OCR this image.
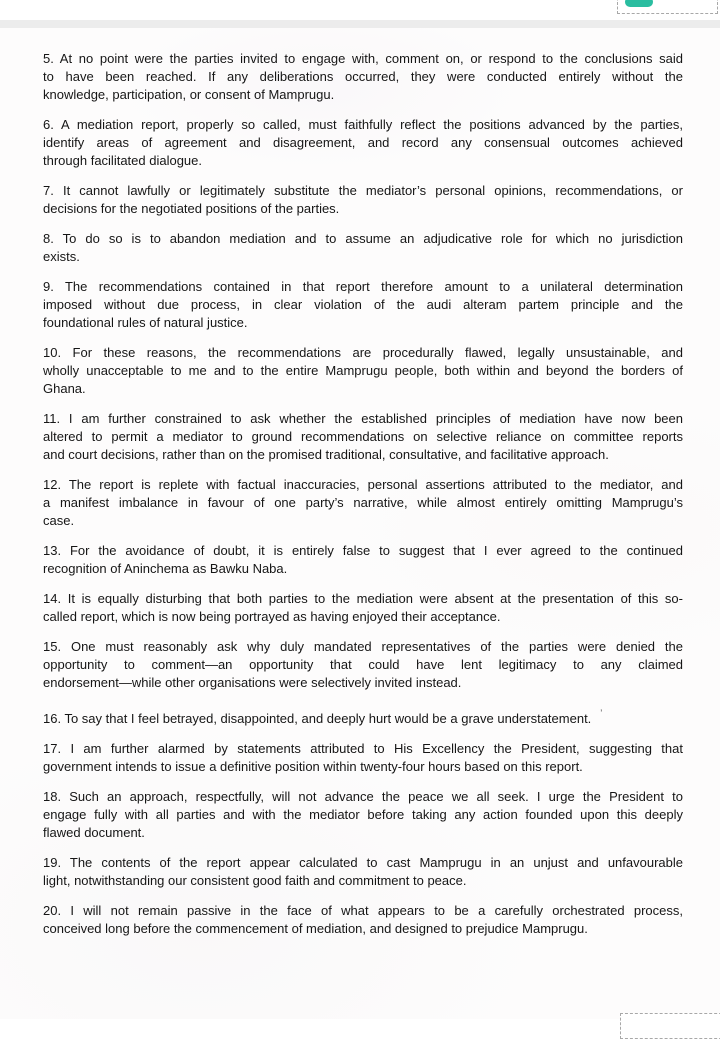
5. At no point were the parties invited to engage with, comment on, or respond to the conclusions said
to have been reached. If any deliberations occurred, they were conducted entirely without the
knowledge, participation, or consent of Mamprugu.
6. A mediation report, properly so called, must faithfully reflect the positions advanced by the parties,
identify areas of agreement and disagreement, and record any consensual outcomes achieved
through facilitated dialogue.
7. It cannot lawfully or legitimately substitute the mediator’s personal opinions, recommendations, or
decisions for the negotiated positions of the parties.
8. To do so is to abandon mediation and to assume an adjudicative role for which no jurisdiction
exists.
9. The recommendations contained in that report therefore amount to a unilateral determination
imposed without due process, in clear violation of the audi alteram partem principle and the
foundational rules of natural justice.
10. For these reasons, the recommendations are procedurally flawed, legally unsustainable, and
wholly unacceptable to me and to the entire Mamprugu people, both within and beyond the borders of
Ghana.
11. I am further constrained to ask whether the established principles of mediation have now been
altered to permit a mediator to ground recommendations on selective reliance on committee reports
and court decisions, rather than on the promised traditional, consultative, and facilitative approach.
12. The report is replete with factual inaccuracies, personal assertions attributed to the mediator, and
a manifest imbalance in favour of one party’s narrative, while almost entirely omitting Mamprugu’s
case.
13. For the avoidance of doubt, it is entirely false to suggest that I ever agreed to the continued
recognition of Aninchema as Bawku Naba.
14. It is equally disturbing that both parties to the mediation were absent at the presentation of this so-
called report, which is now being portrayed as having enjoyed their acceptance.
15. One must reasonably ask why duly mandated representatives of the parties were denied the
opportunity to comment—an opportunity that could have lent legitimacy to any claimed
endorsement—while other organisations were selectively invited instead.
16. To say that I feel betrayed, disappointed, and deeply hurt would be a grave understatement. ’
17. I am further alarmed by statements attributed to His Excellency the President, suggesting that
government intends to issue a definitive position within twenty-four hours based on this report.
18. Such an approach, respectfully, will not advance the peace we all seek. I urge the President to
engage fully with all parties and with the mediator before taking any action founded upon this deeply
flawed document.
19. The contents of the report appear calculated to cast Mamprugu in an unjust and unfavourable
light, notwithstanding our consistent good faith and commitment to peace.
20. I will not remain passive in the face of what appears to be a carefully orchestrated process,
conceived long before the commencement of mediation, and designed to prejudice Mamprugu.
